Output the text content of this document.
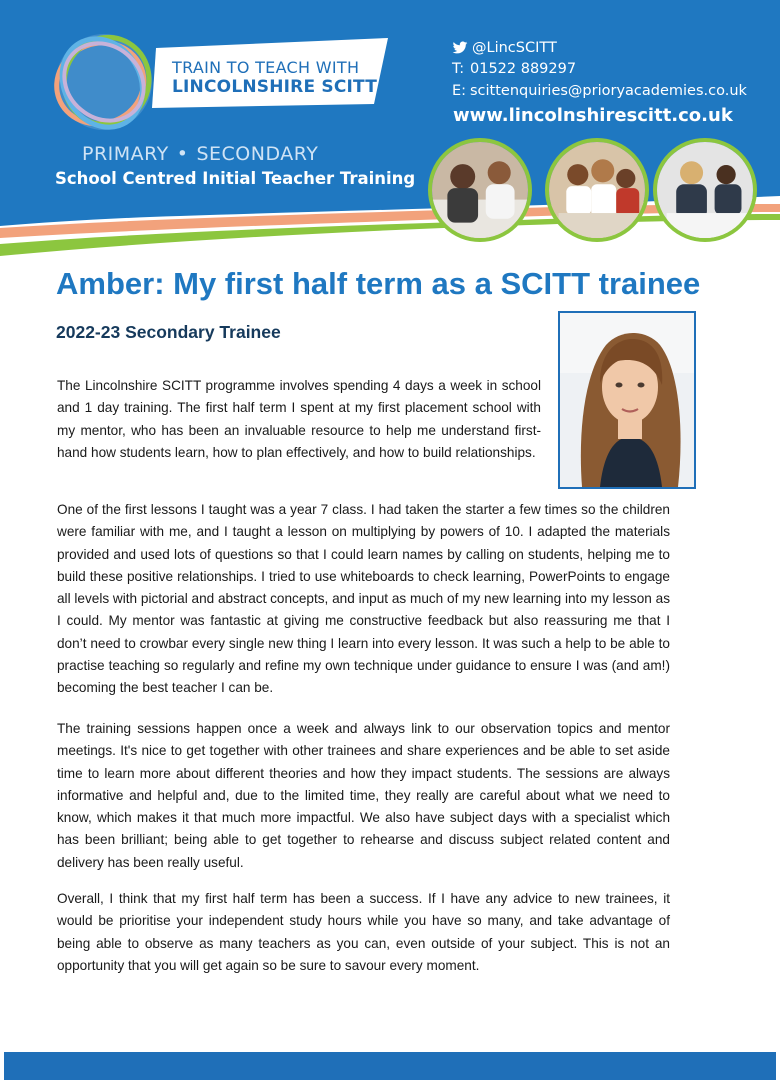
TRAIN TO TEACH WITH
LINCOLNSHIRE SCITT
PRIMARY • SECONDARY
School Centred Initial Teacher Training
@LincSCITT
T: 01522 889297
E: scittenquiries@prioryacademies.co.uk
www.lincolnshirescitt.co.uk
Amber: My first half term as a SCITT trainee
2022-23 Secondary Trainee

The Lincolnshire SCITT programme involves spending 4 days a week in school and 1 day training. The first half term I spent at my first placement school with my mentor, who has been an invaluable resource to help me understand first-hand how students learn, how to plan effectively, and how to build relationships.

One of the first lessons I taught was a year 7 class. I had taken the starter a few times so the children were familiar with me, and I taught a lesson on multiplying by powers of 10. I adapted the materials provided and used lots of questions so that I could learn names by calling on students, helping me to build these positive relationships. I tried to use whiteboards to check learning, PowerPoints to engage all levels with pictorial and abstract concepts, and input as much of my new learning into my lesson as I could. My mentor was fantastic at giving me constructive feedback but also reassuring me that I don’t need to crowbar every single new thing I learn into every lesson. It was such a help to be able to practise teaching so regularly and refine my own technique under guidance to ensure I was (and am!) becoming the best teacher I can be.

The training sessions happen once a week and always link to our observation topics and mentor meetings. It's nice to get together with other trainees and share experiences and be able to set aside time to learn more about different theories and how they impact students. The sessions are always informative and helpful and, due to the limited time, they really are careful about what we need to know, which makes it that much more impactful. We also have subject days with a specialist which has been brilliant; being able to get together to rehearse and discuss subject related content and delivery has been really useful.

Overall, I think that my first half term has been a success. If I have any advice to new trainees, it would be prioritise your independent study hours while you have so many, and take advantage of being able to observe as many teachers as you can, even outside of your subject. This is not an opportunity that you will get again so be sure to savour every moment.
